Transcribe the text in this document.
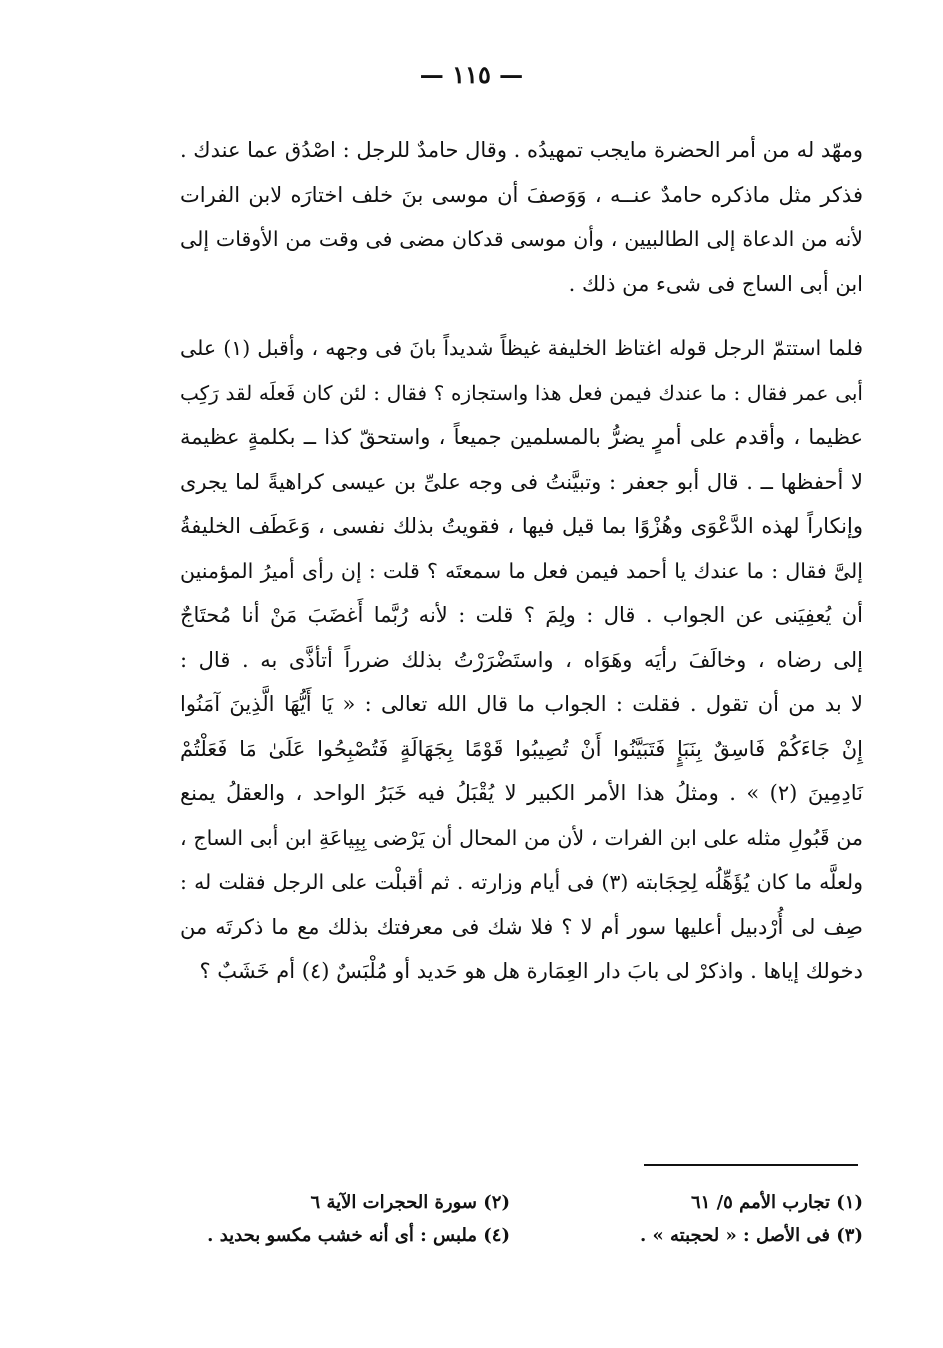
— ١١٥ —
ومهّد له من أمر الحضرة مايجب تمهيدُه . وقال حامدٌ للرجل : اصْدُق عما عندك .
فذكر مثل ماذكره حامدٌ عنــه ، وَوَصفَ أن موسى بنَ خلف اختارَه لابن الفرات
لأنه من الدعاة إلى الطالبيين ، وأن موسى قدكان مضى فى وقت من الأوقات إلى
ابن أبى الساج فى شىء من ذلك .
فلما استتمّ الرجل قوله اغتاظ الخليفة غيظاً شديداً بانَ فى وجهه ، وأقبل (١) على
أبى عمر فقال : ما عندك فيمن فعل هذا واستجازه ؟ فقال : لئن كان فَعلَه لقد رَكِب
عظيما ، وأقدم على أمرٍ يضرُّ بالمسلمين جميعاً ، واستحقّ كذا ــ بكلمةٍ عظيمة
لا أحفظها ــ . قال أبو جعفر : وتبيَّنتُ فى وجه علىِّ بن عيسى كراهيةً لما يجرى
وإنكاراً لهذه الدَّعْوَى وهُزْوًا بما قيل فيها ، فقويتُ بذلك نفسى ، وَعَطَف الخليفةُ
إلىَّ فقال : ما عندك يا أحمد فيمن فعل ما سمعتَه ؟ قلت : إن رأى أميرُ المؤمنين
أن يُعفِيَنى عن الجواب . قال : ولِمَ ؟ قلت : لأنه رُبَّما أَغضَبَ مَنْ أنا مُحتَاجٌ
إلى رضاه ، وخالَفَ رأيَه وهَوَاه ، واستَضْرَرْتُ بذلك ضرراً أتأذَّى به . قال :
لا بد من أن تقول . فقلت : الجواب ما قال الله تعالى : « يَا أَيُّهَا الَّذِينَ آمَنُوا
إِنْ جَاءَكُمْ فَاسِقٌ بِنَبَإٍ فَتَبَيَّنُوا أَنْ تُصِيبُوا قَوْمًا بِجَهَالَةٍ فَتُصْبِحُوا عَلَىٰ مَا فَعَلْتُمْ
نَادِمِينَ (٢) » . ومثلُ هذا الأمر الكبير لا يُقْبَلُ فيه خَبَرُ الواحد ، والعقلُ يمنع
من قَبُولِ مثله على ابن الفرات ، لأن من المحال أن يَرْضى بِبِياعَةِ ابن أبى الساج ،
ولعلَّه ما كان يُؤَهِّلُه لِحِجَابته (٣) فى أيام وزارته . ثم أقبلْت على الرجل فقلت له :
صِف لى أُرْدبيل أعليها سور أم لا ؟ فلا شك فى معرفتك بذلك مع ما ذكرتَه من
دخولك إياها . واذكرْ لى بابَ دار العِمَارة هل هو حَديد أو مُلْبَسٌ (٤) أم خَشَبٌ ؟
(١) تجارب الأمم ٥/ ٦١
(٢) سورة الحجرات الآية ٦
(٣) فى الأصل : « لحجبته » .
(٤) ملبس : أى أنه خشب مكسو بحديد .
